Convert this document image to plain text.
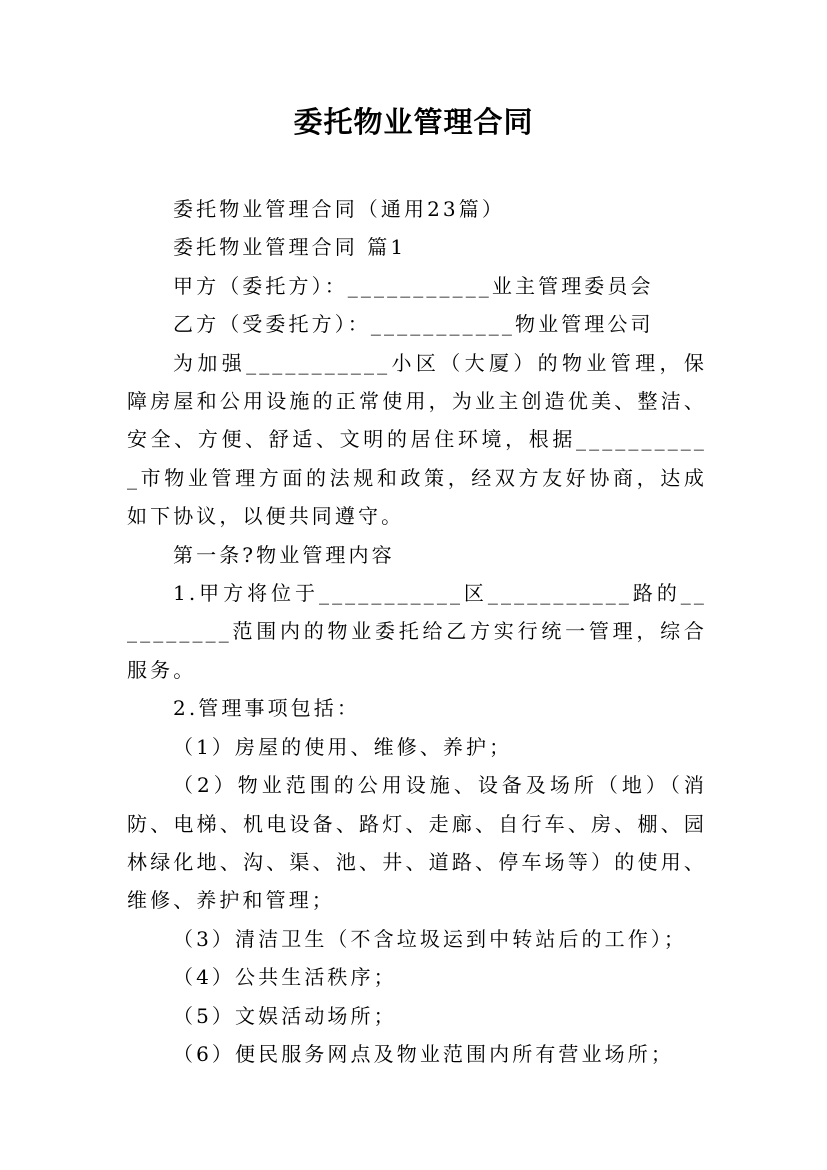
委托物业管理合同

委托物业管理合同（通用23篇）

委托物业管理合同 篇1

甲方（委托方）：___________业主管理委员会

乙方（受委托方）：___________物业管理公司

为加强___________小区（大厦）的物业管理，保障房屋和公用设施的正常使用，为业主创造优美、整洁、安全、方便、舒适、文明的居住环境，根据___________市物业管理方面的法规和政策，经双方友好协商，达成如下协议，以便共同遵守。

第一条?物业管理内容

1.甲方将位于___________区___________路的__________范围内的物业委托给乙方实行统一管理，综合服务。

2.管理事项包括：

（1）房屋的使用、维修、养护；

（2）物业范围的公用设施、设备及场所（地）（消防、电梯、机电设备、路灯、走廊、自行车、房、棚、园林绿化地、沟、渠、池、井、道路、停车场等）的使用、维修、养护和管理；

（3）清洁卫生（不含垃圾运到中转站后的工作）；

（4）公共生活秩序；

（5）文娱活动场所；

（6）便民服务网点及物业范围内所有营业场所；
